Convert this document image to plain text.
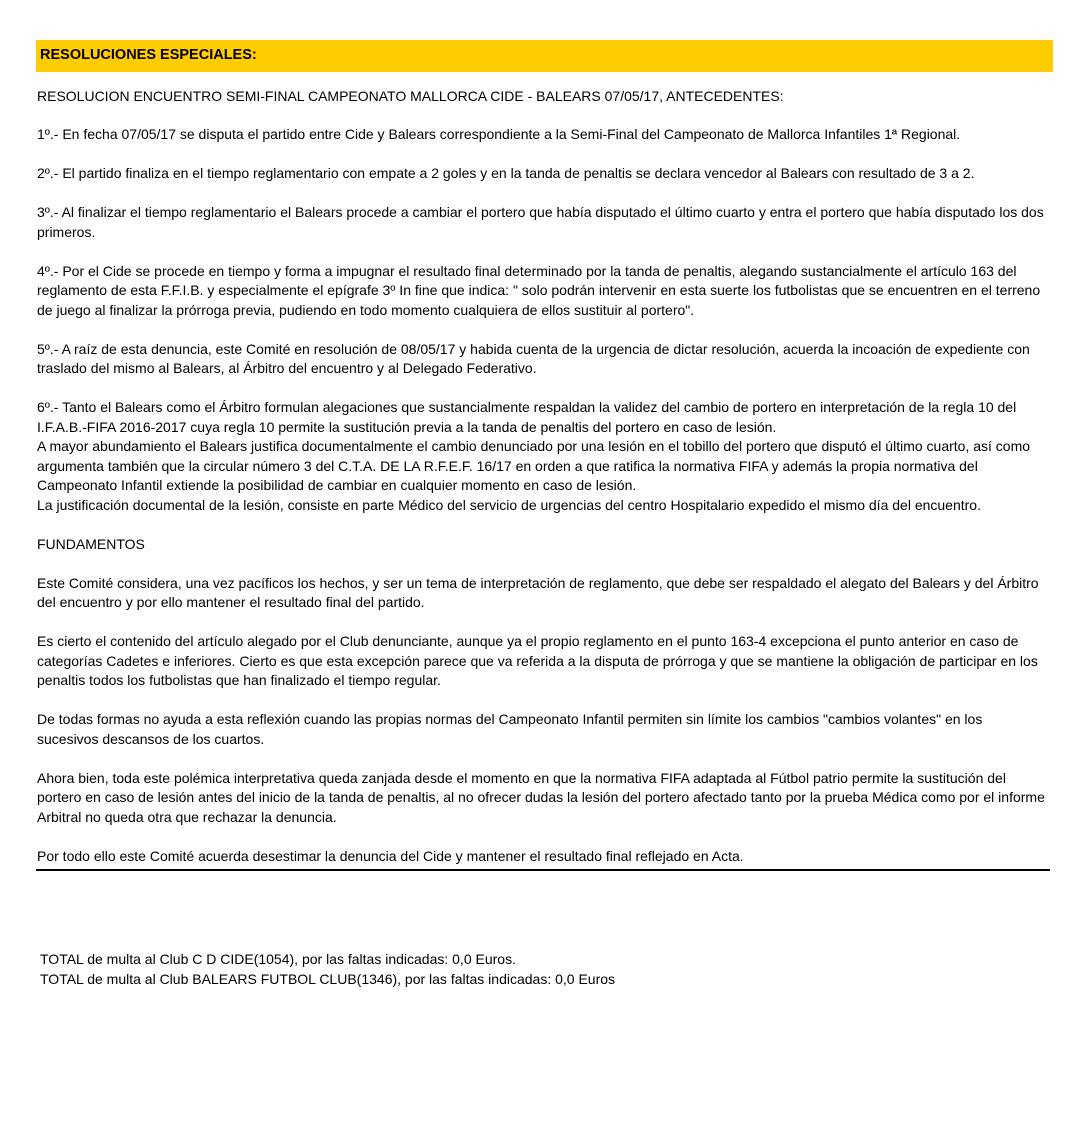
RESOLUCIONES ESPECIALES:

RESOLUCION ENCUENTRO SEMI-FINAL CAMPEONATO MALLORCA CIDE - BALEARS 07/05/17, ANTECEDENTES:

1º.- En fecha 07/05/17 se disputa el partido entre Cide y Balears correspondiente a la Semi-Final del Campeonato de Mallorca Infantiles 1ª Regional.

2º.- El partido finaliza en el tiempo reglamentario con empate a 2 goles y en la tanda de penaltis se declara vencedor al Balears con resultado de 3 a 2.

3º.- Al finalizar el tiempo reglamentario el Balears procede a cambiar el portero que había disputado el último cuarto y entra el portero que había disputado los dos primeros.

4º.- Por el Cide se procede en tiempo y forma a impugnar el resultado final determinado por la tanda de penaltis, alegando sustancialmente el artículo 163 del reglamento de esta F.F.I.B. y especialmente el epígrafe 3º In fine que indica: " solo podrán intervenir en esta suerte los futbolistas que se encuentren en el terreno de juego al finalizar la prórroga previa, pudiendo en todo momento cualquiera de ellos sustituir al portero".

5º.- A raíz de esta denuncia, este Comité en resolución de 08/05/17 y habida cuenta de la urgencia de dictar resolución, acuerda la incoación de expediente con traslado del mismo al Balears, al Árbitro del encuentro y al Delegado Federativo.

6º.- Tanto el Balears como el Árbitro formulan alegaciones que sustancialmente respaldan la validez del cambio de portero en interpretación de la regla 10 del I.F.A.B.-FIFA 2016-2017 cuya regla 10 permite la sustitución previa a la tanda de penaltis del portero en caso de lesión.

A mayor abundamiento el Balears justifica documentalmente el cambio denunciado por una lesión en el tobillo del portero que disputó el último cuarto, así como argumenta también que la circular número 3 del C.T.A. DE LA R.F.E.F. 16/17 en orden a que ratifica la normativa FIFA y además la propia normativa del Campeonato Infantil extiende la posibilidad de cambiar en cualquier momento en caso de lesión.

La justificación documental de la lesión, consiste en parte Médico del servicio de urgencias del centro Hospitalario expedido el mismo día del encuentro.

FUNDAMENTOS

Este Comité considera, una vez pacíficos los hechos, y ser un tema de interpretación de reglamento, que debe ser respaldado el alegato del Balears y del Árbitro del encuentro y por ello mantener el resultado final del partido.

Es cierto el contenido del artículo alegado por el Club denunciante, aunque ya el propio reglamento en el punto 163-4 excepciona el punto anterior en caso de categorías Cadetes e inferiores. Cierto es que esta excepción parece que va referida a la disputa de prórroga y que se mantiene la obligación de participar en los penaltis todos los futbolistas que han finalizado el tiempo regular.

De todas formas no ayuda a esta reflexión cuando las propias normas del Campeonato Infantil permiten sin límite los cambios "cambios volantes" en los sucesivos descansos de los cuartos.

Ahora bien, toda este polémica interpretativa queda zanjada desde el momento en que la normativa FIFA adaptada al Fútbol patrio permite la sustitución del portero en caso de lesión antes del inicio de la tanda de penaltis, al no ofrecer dudas la lesión del portero afectado tanto por la prueba Médica como por el informe Arbitral no queda otra que rechazar la denuncia.

Por todo ello este Comité acuerda desestimar la denuncia del Cide y mantener el resultado final reflejado en Acta.

TOTAL de multa al Club C D CIDE(1054), por las faltas indicadas: 0,0 Euros.
TOTAL de multa al Club BALEARS FUTBOL CLUB(1346), por las faltas indicadas: 0,0 Euros
